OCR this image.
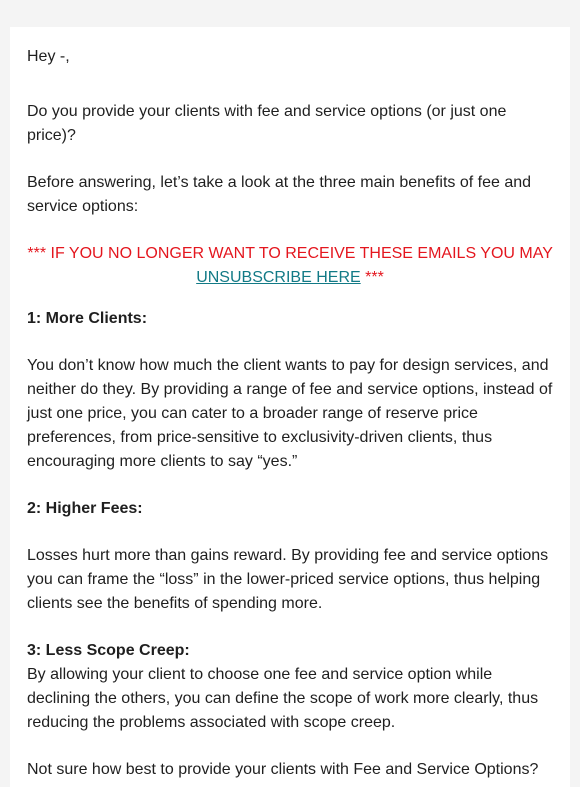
Hey -,

Do you provide your clients with fee and service options (or just one price)?

Before answering, let’s take a look at the three main benefits of fee and service options:

*** IF YOU NO LONGER WANT TO RECEIVE THESE EMAILS YOU MAY UNSUBSCRIBE HERE ***

1: More Clients:

You don’t know how much the client wants to pay for design services, and neither do they. By providing a range of fee and service options, instead of just one price, you can cater to a broader range of reserve price preferences, from price-sensitive to exclusivity-driven clients, thus encouraging more clients to say “yes.”

2: Higher Fees:

Losses hurt more than gains reward. By providing fee and service options you can frame the “loss” in the lower-priced service options, thus helping clients see the benefits of spending more.

3: Less Scope Creep:

By allowing your client to choose one fee and service option while declining the others, you can define the scope of work more clearly, thus reducing the problems associated with scope creep.

Not sure how best to provide your clients with Fee and Service Options?
